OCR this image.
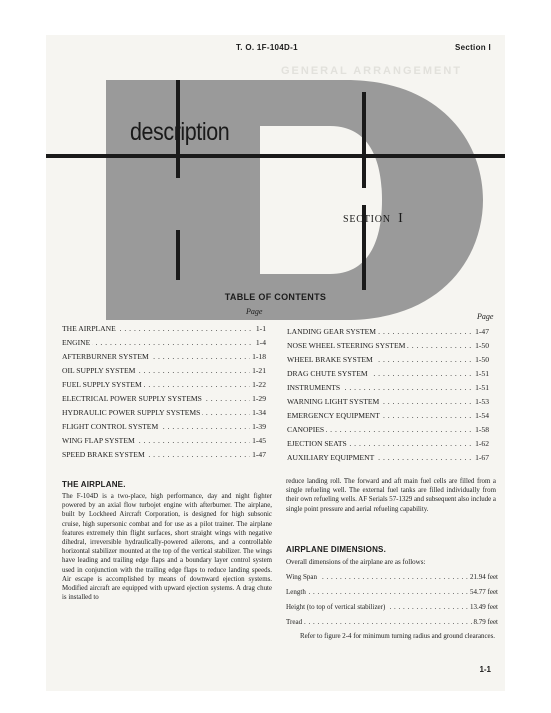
T. O. 1F-104D-1	Section I
GENERAL ARRANGEMENT
description
SECTION I
TABLE OF CONTENTS
Page
Page
THE AIRPLANE	1-1
. . .
ENGINE	1-4
. . .
AFTERBURNER SYSTEM	1-18
. . .
OIL SUPPLY SYSTEM	1-21
. . .
FUEL SUPPLY SYSTEM	1-22
. . .
ELECTRICAL POWER SUPPLY SYSTEMS	1-29
. . .
HYDRAULIC POWER SUPPLY SYSTEMS	1-34
. . .
FLIGHT CONTROL SYSTEM	1-39
. . .
WING FLAP SYSTEM	1-45
. . .
SPEED BRAKE SYSTEM	1-47
. . .
LANDING GEAR SYSTEM	1-47
. . .
NOSE WHEEL STEERING SYSTEM	1-50
. . .
WHEEL BRAKE SYSTEM	1-50
. . .
DRAG CHUTE SYSTEM	1-51
. . .
INSTRUMENTS	1-51
. . .
WARNING LIGHT SYSTEM	1-53
. . .
EMERGENCY EQUIPMENT	1-54
. . .
CANOPIES	1-58
. . .
EJECTION SEATS	1-62
. . .
AUXILIARY EQUIPMENT	1-67
. . .
THE AIRPLANE.

The F-104D is a two-place, high performance, day and night fighter powered by an axial flow turbojet engine with afterburner. The airplane, built by Lockheed Aircraft Corporation, is designed for high subsonic cruise, high supersonic combat and for use as a pilot trainer. The airplane features extremely thin flight surfaces, short straight wings with negative dihedral, irreversible hydraulically-powered ailerons, and a controllable horizontal stabilizer mounted at the top of the vertical stabilizer. The wings have leading and trailing edge flaps and a boundary layer control system used in conjunction with the trailing edge flaps to reduce landing speeds. Air escape is accomplished by means of downward ejection systems. Modified aircraft are equipped with upward ejection systems. A drag chute is installed to

reduce landing roll. The forward and aft main fuel cells are filled from a single refueling well. The external fuel tanks are filled individually from their own refueling wells. AF Serials 57-1329 and subsequent also include a single point pressure and aerial refueling capability.

AIRPLANE DIMENSIONS.
Overall dimensions of the airplane are as follows:
Wing Span	21.94 feet
. . .
Length	54.77 feet
. . .
Height (to top of vertical stabilizer)	13.49 feet
. . .
Tread	8.79 feet
. . .

Refer to figure 2-4 for minimum turning radius and ground clearances.

1-1
